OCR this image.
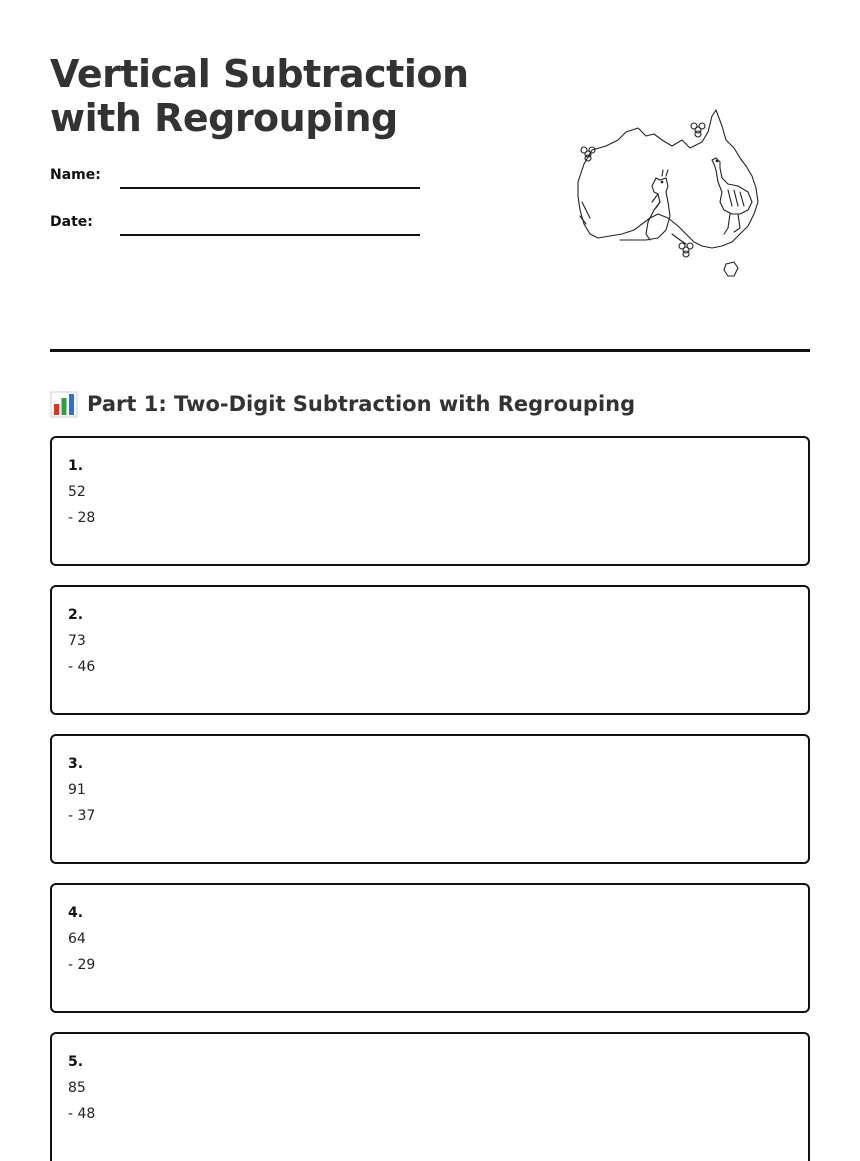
Vertical Subtraction
with Regrouping
Name:
Date:
Part 1: Two-Digit Subtraction with Regrouping
1.
52
- 28
2.
73
- 46
3.
91
- 37
4.
64
- 29
5.
85
- 48
